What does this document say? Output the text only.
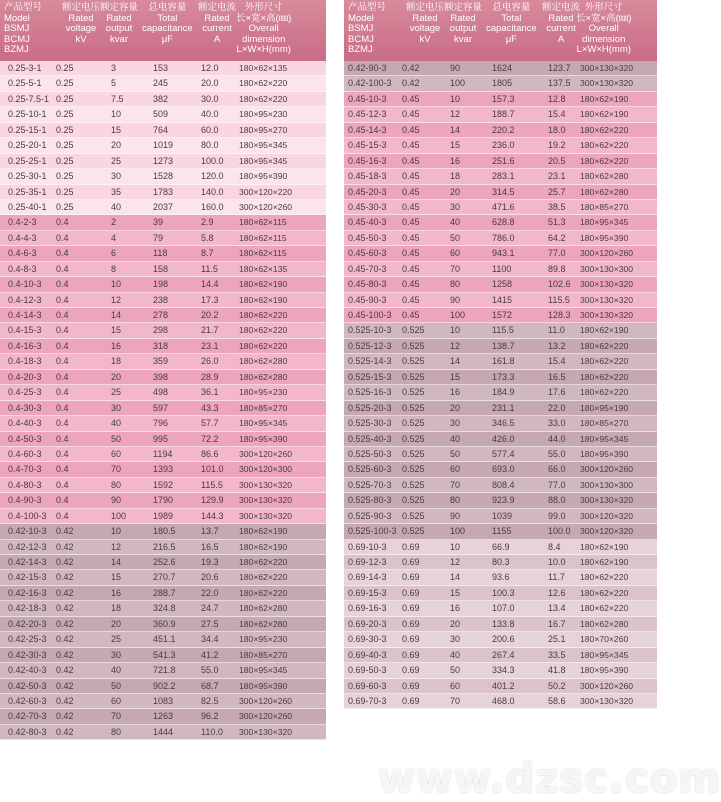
产品型号
Model
BSMJ
BCMJ
BZMJ
额定电压
Rated
voltage
kV
额定容量
Rated
output
kvar
总电容量
Total
capacitance
μF
额定电流
Rated
current
A
外形尺寸
长×宽×高(㎜)
Overall
dimension
L×W×H(mm)
0.25-3-1 0.25	3	153	12.0 180×62×135
0.25-5-1 0.25	5	245	20.0 180×62×220
0.25-7.5-1 0.25	7.5	382	30.0 180×62×220
0.25-10-1 0.25	10	509	40.0 180×95×230
0.25-15-1 0.25	15	764	60.0 180×95×270
0.25-20-1 0.25	20	1019	80.0 180×95×345
0.25-25-1 0.25	25	1273	100.0 180×95×345
0.25-30-1 0.25	30	1528	120.0 180×95×390
0.25-35-1 0.25	35	1783	140.0 300×120×220
0.25-40-1 0.25	40	2037	160.0 300×120×260
0.4-2-3 0.4	2	39	2.9	180×62×115
0.4-4-3 0.4	4	79	5.8	180×62×115
0.4-6-3 0.4	6	118	8.7	180×62×115
0.4-8-3 0.4	8	158	11.5 180×62×135
0.4-10-3 0.4	10	198	14.4 180×62×190
0.4-12-3 0.4	12	238	17.3 180×62×190
0.4-14-3 0.4	14	278	20.2 180×62×220
0.4-15-3 0.4	15	298	21.7 180×62×220
0.4-16-3 0.4	16	318	23.1 180×62×220
0.4-18-3 0.4	18	359	26.0 180×62×280
0.4-20-3 0.4	20	398	28.9 180×62×280
0.4-25-3 0.4	25	498	36.1 180×95×230
0.4-30-3 0.4	30	597	43.3 180×85×270
0.4-40-3 0.4	40	796	57.7 180×95×345
0.4-50-3 0.4	50	995	72.2 180×95×390
0.4-60-3 0.4	60	1194	86.6 300×120×260
0.4-70-3 0.4	70	1393	101.0 300×120×300
0.4-80-3 0.4	80	1592	115.5 300×130×320
0.4-90-3 0.4	90	1790	129.9 300×130×320
0.4-100-3 0.4	100	1989	144.3 300×130×320
0.42-10-3 0.42	10	180.5	13.7 180×62×190
0.42-12-3 0.42	12	216.5	16.5 180×62×190
0.42-14-3 0.42	14	252.6	19.3 180×62×220
0.42-15-3 0.42	15	270.7	20.6 180×62×220
0.42-16-3 0.42	16	288.7	22.0 180×62×220
0.42-18-3 0.42	18	324.8	24.7 180×62×280
0.42-20-3 0.42	20	360.9	27.5 180×62×280
0.42-25-3 0.42	25	451.1	34.4 180×95×230
0.42-30-3 0.42	30	541.3	41.2 180×85×270
0.42-40-3 0.42	40	721.8	55.0 180×95×345
0.42-50-3 0.42	50	902.2	68.7 180×95×390
0.42-60-3 0.42	60	1083	82.5 300×120×260
0.42-70-3 0.42	70	1263	96.2 300×120×260
0.42-80-3 0.42	80	1444	110.0 300×130×320
产品型号
Model
BSMJ
BCMJ
BZMJ
额定电压
Rated
voltage
kV
额定容量
Rated
output
kvar
总电容量
Total
capacitance
μF
额定电流
Rated
current
A
外形尺寸
长×宽×高(㎜)
Overall
dimension
L×W×H(mm)
0.42-90-3 0.42	90	1624	123.7 300×130×320
0.42-100-3 0.42	100	1805	137.5 300×130×320
0.45-10-3 0.45	10	157.3	12.8 180×62×190
0.45-12-3 0.45	12	188.7	15.4 180×62×190
0.45-14-3 0.45	14	220.2	18.0 180×62×220
0.45-15-3 0.45	15	236.0	19.2 180×62×220
0.45-16-3 0.45	16	251.6	20.5 180×62×220
0.45-18-3 0.45	18	283.1	23.1 180×62×280
0.45-20-3 0.45	20	314.5	25.7 180×62×280
0.45-30-3 0.45	30	471.6	38.5 180×85×270
0.45-40-3 0.45	40	628.8	51.3 180×95×345
0.45-50-3 0.45	50	786.0	64.2 180×95×390
0.45-60-3 0.45	60	943.1	77.0 300×120×260
0.45-70-3 0.45	70	1100	89.8 300×130×300
0.45-80-3 0.45	80	1258	102.6 300×130×320
0.45-90-3 0.45	90	1415	115.5 300×130×320
0.45-100-3 0.45	100	1572	128.3 300×130×320
0.525-10-3 0.525	10	115.5	11.0 180×62×190
0.525-12-3 0.525	12	138.7	13.2 180×62×220
0.525-14-3 0.525	14	161.8	15.4 180×62×220
0.525-15-3 0.525	15	173.3	16.5 180×62×220
0.525-16-3 0.525	16	184.9	17.6 180×62×220
0.525-20-3 0.525	20	231.1	22.0 180×95×190
0.525-30-3 0.525	30	346.5	33.0 180×85×270
0.525-40-3 0.525	40	426.0	44.0 180×95×345
0.525-50-3 0.525	50	577.4	55.0 180×95×390
0.525-60-3 0.525	60	693.0	66.0 300×120×260
0.525-70-3 0.525	70	808.4	77.0 300×130×300
0.525-80-3 0.525	80	923.9	88.0 300×130×320
0.525-90-3 0.525	90	1039	99.0 300×120×320
0.525-100-3 0.525	100	1155	100.0 300×120×320
0.69-10-3 0.69	10	66.9	8.4 180×62×190
0.69-12-3 0.69	12	80.3	10.0 180×62×190
0.69-14-3 0.69	14	93.6	11.7 180×62×220
0.69-15-3 0.69	15	100.3	12.6 180×62×220
0.69-16-3 0.69	16	107.0	13.4 180×62×220
0.69-20-3 0.69	20	133.8	16.7 180×62×280
0.69-30-3 0.69	30	200.6	25.1 180×70×260
0.69-40-3 0.69	40	267.4	33.5 180×95×345
0.69-50-3 0.69	50	334.3	41.8 180×95×390
0.69-60-3 0.69	60	401.2	50.2 300×120×260
0.69-70-3 0.69	70	468.0	58.6 300×130×320
www.dzsc.com
